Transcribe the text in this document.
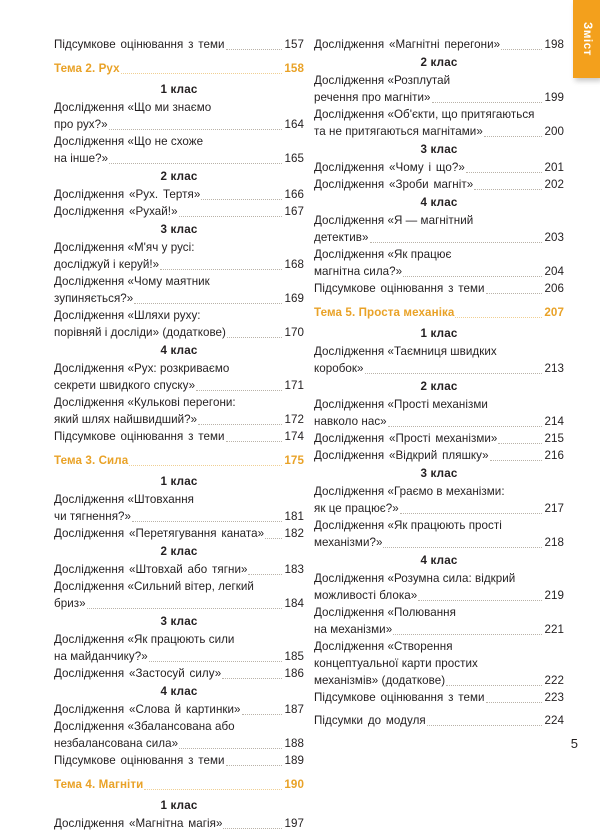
Зміст
Підсумкове оцінювання з теми	157
Тема 2. Рух	158
1 клас
Дослідження «Що ми знаємо
про рух?»	164
Дослідження «Що не схоже
на інше?»	165
2 клас
Дослідження «Рух. Тертя»	166
Дослідження «Рухай!»	167
3 клас
Дослідження «М'яч у русі:
досліджуй і керуй!»	168
Дослідження «Чому маятник
зупиняється?»	169
Дослідження «Шляхи руху:
порівняй і досліди» (додаткове)	170
4 клас
Дослідження «Рух: розкриваємо
секрети швидкого спуску»	171
Дослідження «Кулькові перегони:
який шлях найшвидший?»	172
Підсумкове оцінювання з теми	174
Тема 3. Сила	175
1 клас
Дослідження «Штовхання
чи тягнення?»	181
Дослідження «Перетягування каната» 182
2 клас
Дослідження «Штовхай або тягни»	183
Дослідження «Сильний вітер, легкий
бриз»	184
3 клас
Дослідження «Як працюють сили
на майданчику?»	185
Дослідження «Застосуй силу»	186
4 клас
Дослідження «Слова й картинки»	187
Дослідження «Збалансована або
незбалансована сила»	188
Підсумкове оцінювання з теми	189
Тема 4. Магніти	190
1 клас
Дослідження «Магнітна магія»	197
Дослідження «Магнітні перегони»	198
2 клас
Дослідження «Розплутай
речення про магніти»	199
Дослідження «Об'єкти, що притягаються
та не притягаються магнітами»	200
3 клас
Дослідження «Чому і що?»	201
Дослідження «Зроби магніт»	202
4 клас
Дослідження «Я — магнітний
детектив»	203
Дослідження «Як працює
магнітна сила?»	204
Підсумкове оцінювання з теми	206
Тема 5. Проста механіка	207
1 клас
Дослідження «Таємниця швидких
коробок»	213
2 клас
Дослідження «Прості механізми
навколо нас»	214
Дослідження «Прості механізми»	215
Дослідження «Відкрий пляшку»	216
3 клас
Дослідження «Граємо в механізми:
як це працює?»	217
Дослідження «Як працюють прості
механізми?»	218
4 клас
Дослідження «Розумна сила: відкрий
можливості блока»	219
Дослідження «Полювання
на механізми»	221
Дослідження «Створення
концептуальної карти простих
механізмів» (додаткове)	222
Підсумкове оцінювання з теми	223
Підсумки до модуля	224
5
